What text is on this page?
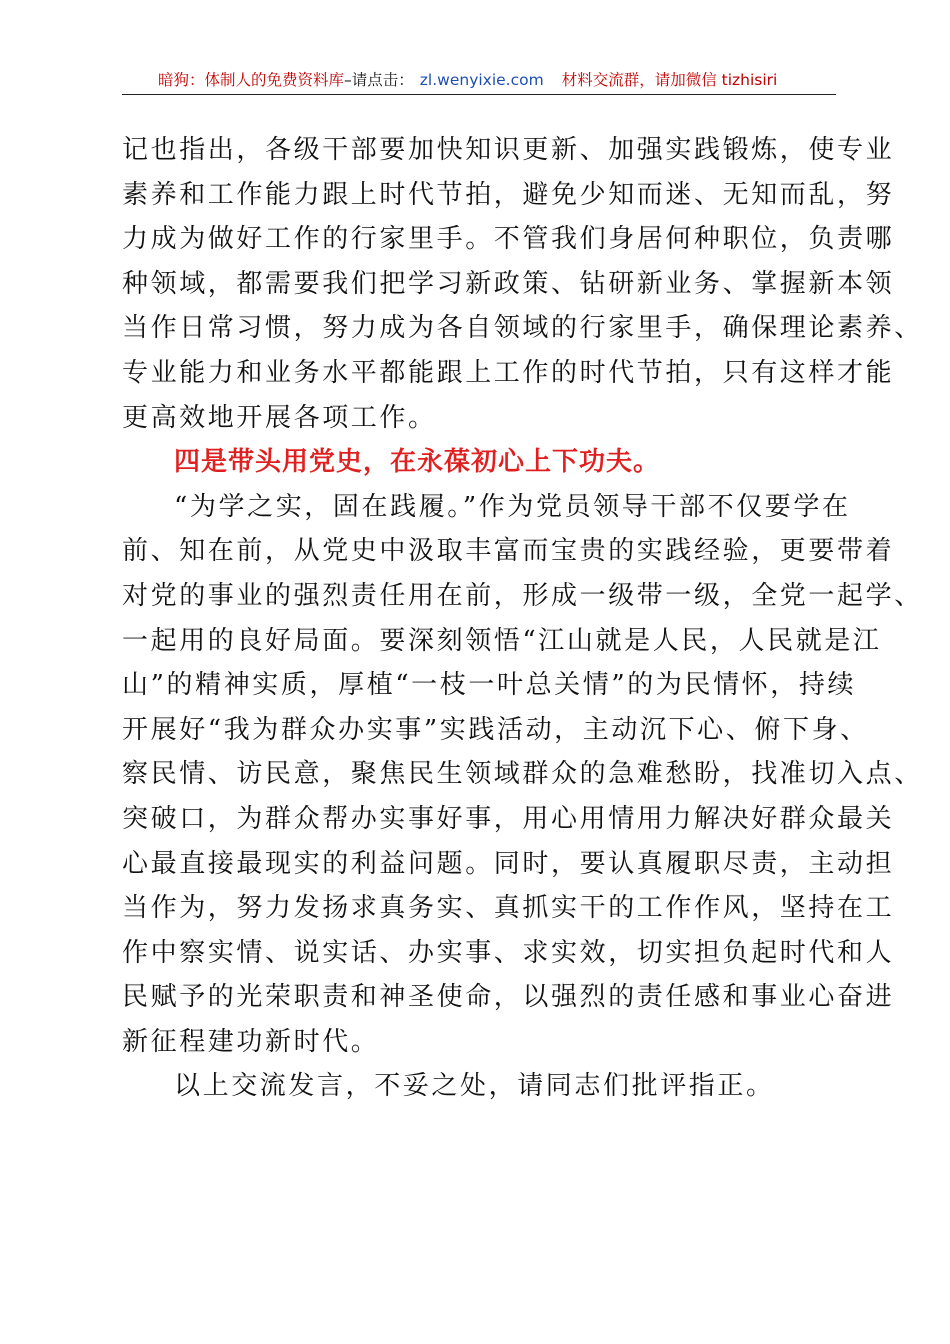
暗狗：体制人的免费资料库–请点击： zl.wenyixie.com 材料交流群，请加微信 tizhisiri
记也指出，各级干部要加快知识更新、加强实践锻炼，使专业
素养和工作能力跟上时代节拍，避免少知而迷、无知而乱，努
力成为做好工作的行家里手。不管我们身居何种职位，负责哪
种领域，都需要我们把学习新政策、钻研新业务、掌握新本领
当作日常习惯，努力成为各自领域的行家里手，确保理论素养、
专业能力和业务水平都能跟上工作的时代节拍，只有这样才能
更高效地开展各项工作。
四是带头用党史，在永葆初心上下功夫。
“为学之实，固在践履。”作为党员领导干部不仅要学在
前、知在前，从党史中汲取丰富而宝贵的实践经验，更要带着
对党的事业的强烈责任用在前，形成一级带一级，全党一起学、
一起用的良好局面。要深刻领悟“江山就是人民，人民就是江
山”的精神实质，厚植“一枝一叶总关情”的为民情怀，持续
开展好“我为群众办实事”实践活动，主动沉下心、俯下身、
察民情、访民意，聚焦民生领域群众的急难愁盼，找准切入点、
突破口，为群众帮办实事好事，用心用情用力解决好群众最关
心最直接最现实的利益问题。同时，要认真履职尽责，主动担
当作为，努力发扬求真务实、真抓实干的工作作风，坚持在工
作中察实情、说实话、办实事、求实效，切实担负起时代和人
民赋予的光荣职责和神圣使命，以强烈的责任感和事业心奋进
新征程建功新时代。
以上交流发言，不妥之处，请同志们批评指正。
